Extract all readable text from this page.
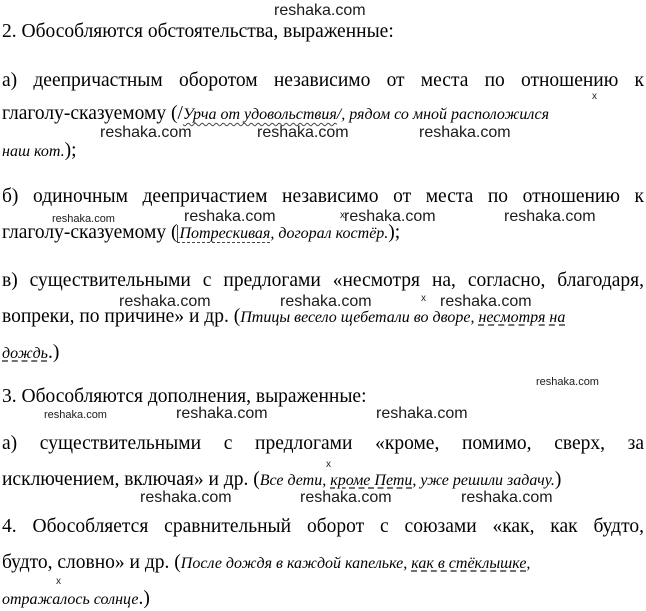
reshaka.com
reshaka.com	reshaka.com	reshaka.com
reshaka.com	reshaka.com	reshaka.com	reshaka.com
reshaka.com	reshaka.com	reshaka.com
reshaka.com
reshaka.com	reshaka.com	reshaka.com
reshaka.com	reshaka.com	reshaka.com
x
x
x
x
x
2. Обособляются обстоятельства, выраженные:
а) деепричастным оборотом независимо от места по отношению к
глаголу-сказуемому (/Урча от удовольствия/, рядом со мной расположился
наш кот.);
б) одиночным деепричастием независимо от места по отношению к
глаголу-сказуемому ( Потрескивая, догорал костёр.);
в) существительными с предлогами «несмотря на, согласно, благодаря,
вопреки, по причине» и др. (Птицы весело щебетали во дворе, несмотря на
дождь.)
3. Обособляются дополнения, выраженные:
а) существительными с предлогами «кроме, помимо, сверх, за
исключением, включая» и др. (Все дети, кроме Пети, уже решили задачу.)
4. Обособляется сравнительный оборот с союзами «как, как будто,
будто, словно» и др. (После дождя в каждой капельке, как в стёклышке,
отражалось солнце.)
